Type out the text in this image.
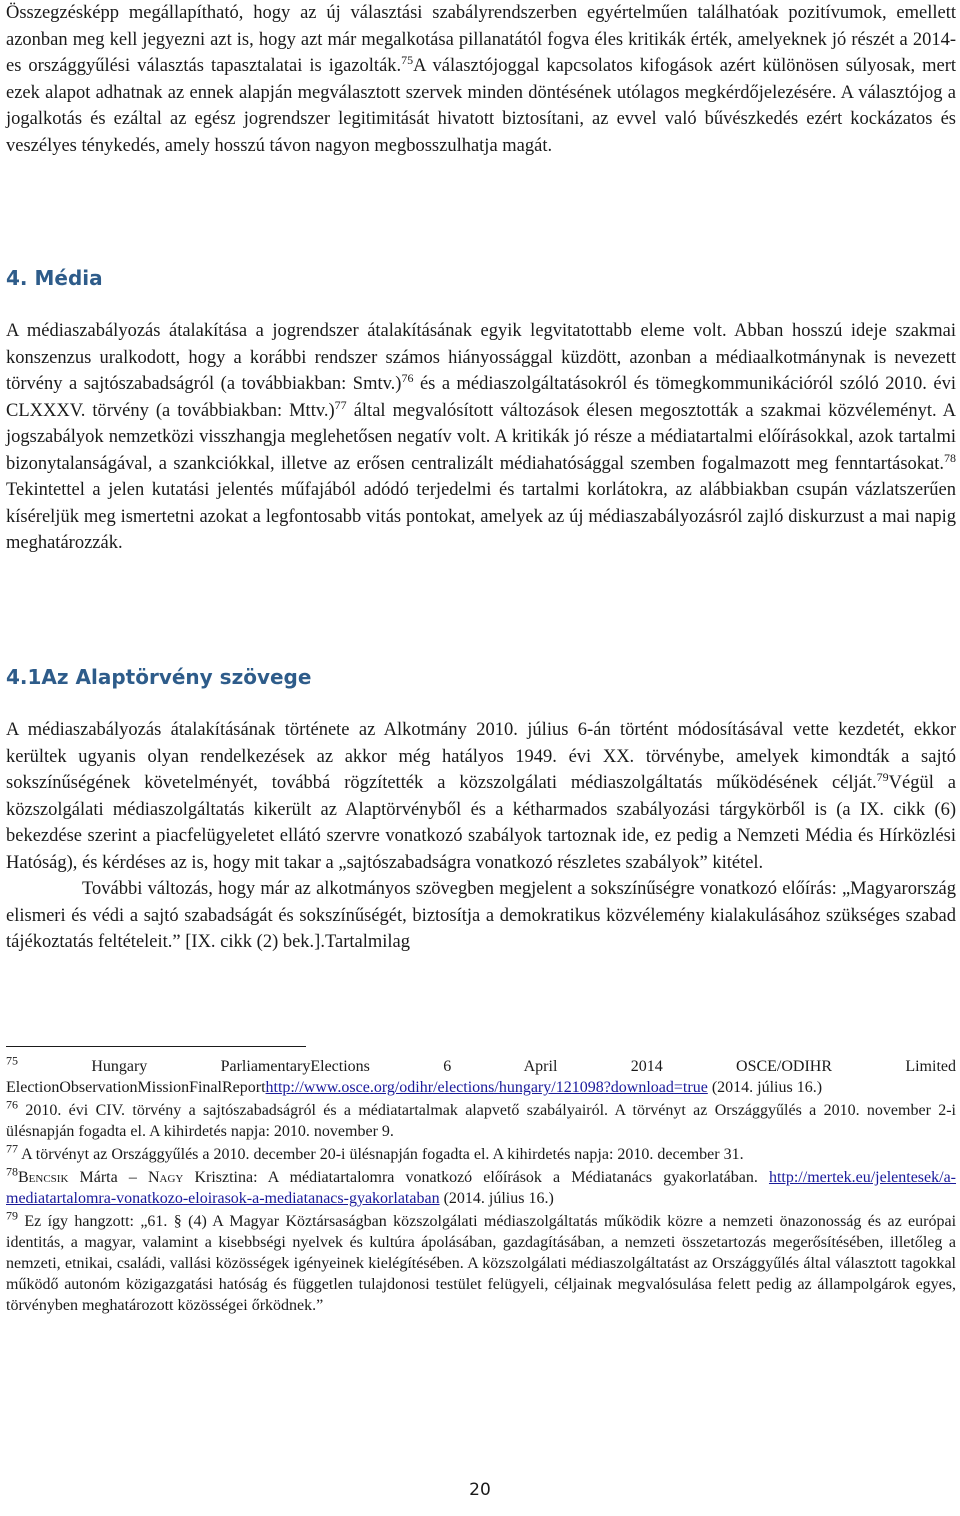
Összegzésképp megállapítható, hogy az új választási szabályrendszerben egyértelműen találhatóak pozitívumok, emellett azonban meg kell jegyezni azt is, hogy azt már megalkotása pillanatától fogva éles kritikák érték, amelyeknek jó részét a 2014-es országgyűlési választás tapasztalatai is igazolták.$^{75}$A választójoggal kapcsolatos kifogások azért különösen súlyosak, mert ezek alapot adhatnak az ennek alapján megválasztott szervek minden döntésének utólagos megkérdőjelezésére. A választójog a jogalkotás és ezáltal az egész jogrendszer legitimitását hivatott biztosítani, az evvel való bűvészkedés ezért kockázatos és veszélyes ténykedés, amely hosszú távon nagyon megbosszulhatja magát.

4. Média

A médiaszabályozás átalakítása a jogrendszer átalakításának egyik legvitatottabb eleme volt. Abban hosszú ideje szakmai konszenzus uralkodott, hogy a korábbi rendszer számos hiányossággal küzdött, azonban a médiaalkotmánynak is nevezett törvény a sajtószabadságról (a továbbiakban: Smtv.)$^{76}$ és a médiaszolgáltatásokról és tömegkommunikációról szóló 2010. évi CLXXXV. törvény (a továbbiakban: Mttv.)$^{77}$ által megvalósított változások élesen megosztották a szakmai közvéleményt. A jogszabályok nemzetközi visszhangja meglehetősen negatív volt. A kritikák jó része a médiatartalmi előírásokkal, azok tartalmi bizonytalanságával, a szankciókkal, illetve az erősen centralizált médiahatósággal szemben fogalmazott meg fenntartásokat.$^{78}$ Tekintettel a jelen kutatási jelentés műfajából adódó terjedelmi és tartalmi korlátokra, az alábbiakban csupán vázlatszerűen kíséreljük meg ismertetni azokat a legfontosabb vitás pontokat, amelyek az új médiaszabályozásról zajló diskurzust a mai napig meghatározzák.

4.1Az Alaptörvény szövege

A médiaszabályozás átalakításának története az Alkotmány 2010. július 6-án történt módosításával vette kezdetét, ekkor kerültek ugyanis olyan rendelkezések az akkor még hatályos 1949. évi XX. törvénybe, amelyek kimondták a sajtó sokszínűségének követelményét, továbbá rögzítették a közszolgálati médiaszolgáltatás működésének célját.$^{79}$Végül a közszolgálati médiaszolgáltatás kikerült az Alaptörvényből és a kétharmados szabályozási tárgykörből is (a IX. cikk (6) bekezdése szerint a piacfelügyeletet ellátó szervre vonatkozó szabályok tartoznak ide, ez pedig a Nemzeti Média és Hírközlési Hatóság), és kérdéses az is, hogy mit takar a „sajtószabadságra vonatkozó részletes szabályok” kitétel.

További változás, hogy már az alkotmányos szövegben megjelent a sokszínűségre vonatkozó előírás: „Magyarország elismeri és védi a sajtó szabadságát és sokszínűségét, biztosítja a demokratikus közvélemény kialakulásához szükséges szabad tájékoztatás feltételeit.” [IX. cikk (2) bek.].Tartalmilag

$^{75}$	Hungary ParliamentaryElections 6 April 2014 OSCE/ODIHR Limited ElectionObservationMissionFinalReporthttp://www.osce.org/odihr/elections/hungary/121098?download=true (2014. július 16.)

$^{76}$ 2010. évi CIV. törvény a sajtószabadságról és a médiatartalmak alapvető szabályairól. A törvényt az Országgyűlés a 2010. november 2-i ülésnapján fogadta el. A kihirdetés napja: 2010. november 9.

$^{77}$ A törvényt az Országgyűlés a 2010. december 20-i ülésnapján fogadta el. A kihirdetés napja: 2010. december 31.

$^{78}$Bencsik Márta – Nagy Krisztina: A médiatartalomra vonatkozó előírások a Médiatanács gyakorlatában. http://mertek.eu/jelentesek/a-mediatartalomra-vonatkozo-eloirasok-a-mediatanacs-gyakorlataban (2014. július 16.)

$^{79}$ Ez így hangzott: „61. § (4) A Magyar Köztársaságban közszolgálati médiaszolgáltatás működik közre a nemzeti önazonosság és az európai identitás, a magyar, valamint a kisebbségi nyelvek és kultúra ápolásában, gazdagításában, a nemzeti összetartozás megerősítésében, illetőleg a nemzeti, etnikai, családi, vallási közösségek igényeinek kielégítésében. A közszolgálati médiaszolgáltatást az Országgyűlés által választott tagokkal működő autonóm közigazgatási hatóság és független tulajdonosi testület felügyeli, céljainak megvalósulása felett pedig az állampolgárok egyes, törvényben meghatározott közösségei őrködnek.”

20
